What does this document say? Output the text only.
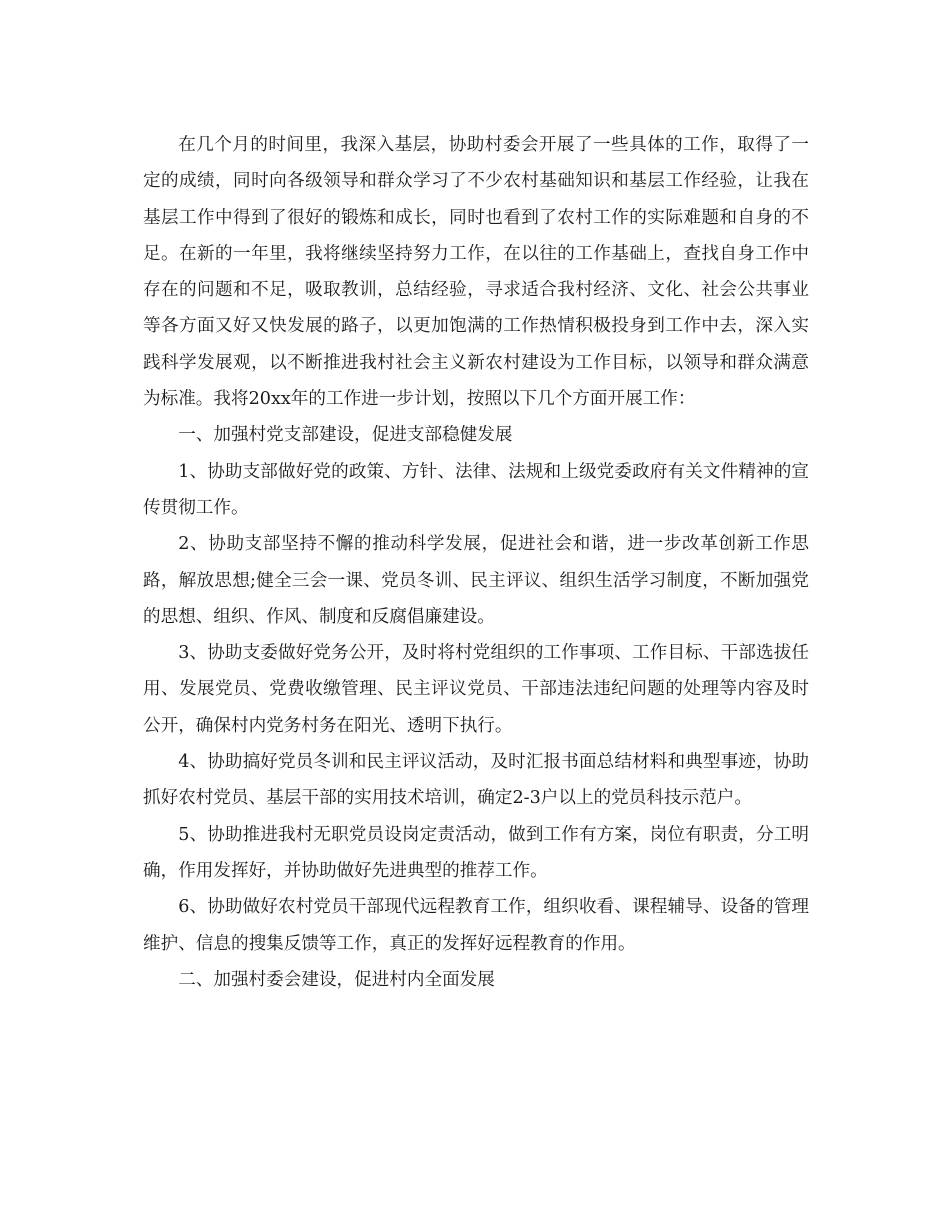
在几个月的时间里，我深入基层，协助村委会开展了一些具体的工作，取得了一定的成绩，同时向各级领导和群众学习了不少农村基础知识和基层工作经验，让我在基层工作中得到了很好的锻炼和成长，同时也看到了农村工作的实际难题和自身的不足。在新的一年里，我将继续坚持努力工作，在以往的工作基础上，查找自身工作中存在的问题和不足，吸取教训，总结经验，寻求适合我村经济、文化、社会公共事业等各方面又好又快发展的路子，以更加饱满的工作热情积极投身到工作中去，深入实践科学发展观，以不断推进我村社会主义新农村建设为工作目标，以领导和群众满意为标准。我将20xx年的工作进一步计划，按照以下几个方面开展工作：

一、加强村党支部建设，促进支部稳健发展

1、协助支部做好党的政策、方针、法律、法规和上级党委政府有关文件精神的宣传贯彻工作。

2、协助支部坚持不懈的推动科学发展，促进社会和谐，进一步改革创新工作思路，解放思想;健全三会一课、党员冬训、民主评议、组织生活学习制度，不断加强党的思想、组织、作风、制度和反腐倡廉建设。

3、协助支委做好党务公开，及时将村党组织的工作事项、工作目标、干部选拔任用、发展党员、党费收缴管理、民主评议党员、干部违法违纪问题的处理等内容及时公开，确保村内党务村务在阳光、透明下执行。

4、协助搞好党员冬训和民主评议活动，及时汇报书面总结材料和典型事迹，协助抓好农村党员、基层干部的实用技术培训，确定2-3户以上的党员科技示范户。

5、协助推进我村无职党员设岗定责活动，做到工作有方案，岗位有职责，分工明确，作用发挥好，并协助做好先进典型的推荐工作。

6、协助做好农村党员干部现代远程教育工作，组织收看、课程辅导、设备的管理维护、信息的搜集反馈等工作，真正的发挥好远程教育的作用。

二、加强村委会建设，促进村内全面发展
